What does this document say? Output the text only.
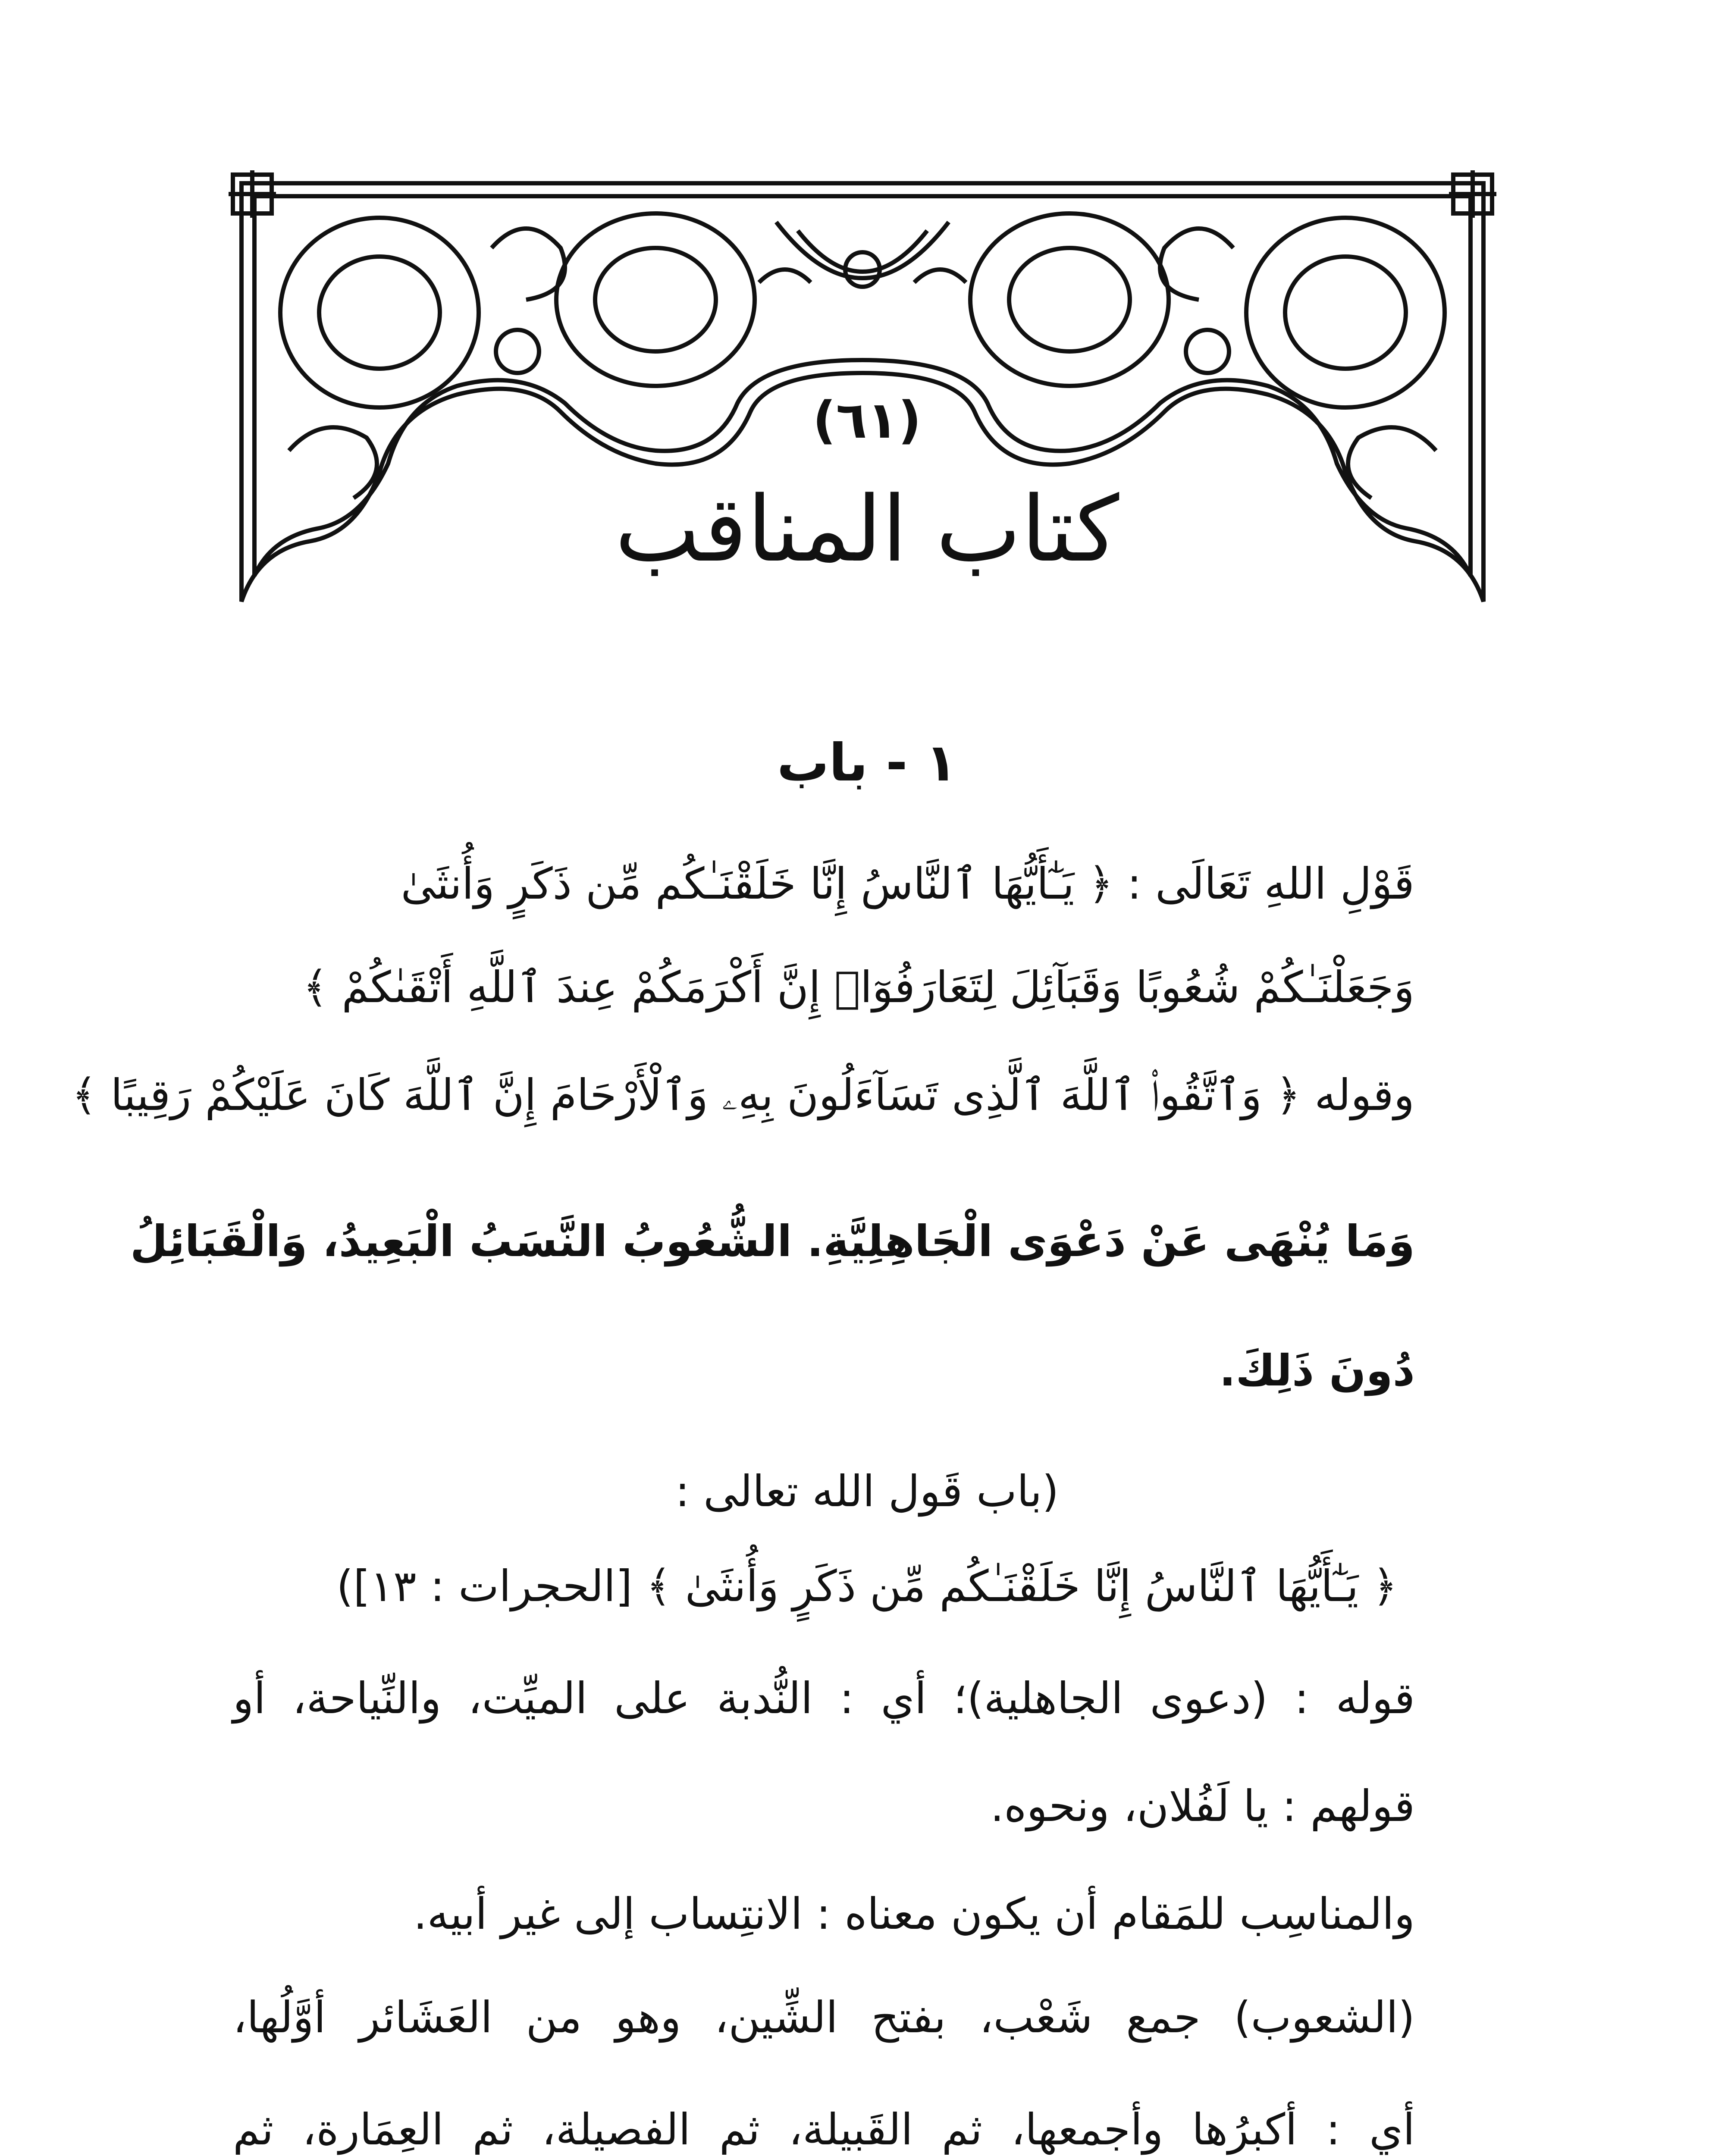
(٦١)
كتاب المناقب
١ - باب
قَوْلِ اللهِ تَعَالَى : ﴿ يَـٰٓأَيُّهَا ٱلنَّاسُ إِنَّا خَلَقْنَـٰكُم مِّن ذَكَرٍ وَأُنثَىٰ
وَجَعَلْنَـٰكُمْ شُعُوبًا وَقَبَآئِلَ لِتَعَارَفُوٓا۟ إِنَّ أَكْرَمَكُمْ عِندَ ٱللَّهِ أَتْقَىٰكُمْ ﴾
وقوله ﴿ وَٱتَّقُوا۟ ٱللَّهَ ٱلَّذِى تَسَآءَلُونَ بِهِۦ وَٱلْأَرْحَامَ إِنَّ ٱللَّهَ كَانَ عَلَيْكُمْ رَقِيبًا ﴾
وَمَا يُنْهَى عَنْ دَعْوَى الْجَاهِلِيَّةِ. الشُّعُوبُ النَّسَبُ الْبَعِيدُ، وَالْقَبَائِلُ
دُونَ ذَلِكَ.
(باب قَول الله تعالى :
﴿ يَـٰٓأَيُّهَا ٱلنَّاسُ إِنَّا خَلَقْنَـٰكُم مِّن ذَكَرٍ وَأُنثَىٰ ﴾ [الحجرات : ١٣])
قوله : (دعوى الجاهلية)؛ أي : النُّدبة على الميِّت، والنِّياحة، أو
قولهم : يا لَفُلان، ونحوه.
والمناسِب للمَقام أن يكون معناه : الانتِساب إلى غير أبيه.
(الشعوب) جمع شَعْب، بفتح الشِّين، وهو من العَشَائر أوَّلُها،
أي : أكبرُها وأجمعها، ثم القَبيلة، ثم الفصيلة، ثم العِمَارة، ثم
